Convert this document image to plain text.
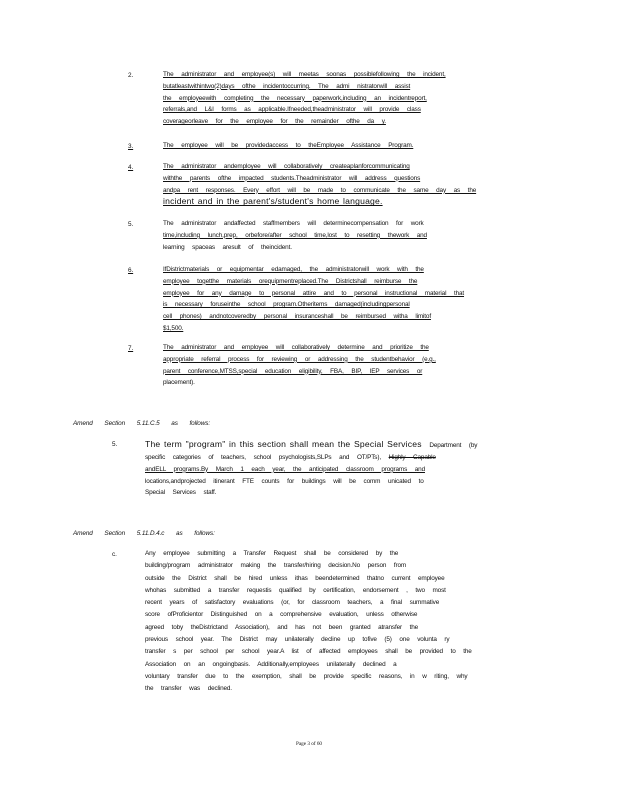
2.	The administrator and employee(s) will meetas soonas possiblefollowing the incident,
butatleastwithintwo(2)days ofthe incidentoccurring. The admi nistratorwill assist
the employeewith completing the necessary paperwork,including an incidentreport,
referrals,and L&I forms as applicable.Ifneeded,theadministrator will provide class
coverageorleave for the employee for the remainder ofthe da y.
3.	The employee will be providedaccess to theEmployee Assistance Program.
4.	The administrator andemployee will collaboratively createaplanforcommunicating
withthe parents ofthe impacted students.Theadministrator will address questions
andpa rent responses. Every effort will be made to communicate the same day as the
incident and in the parent's/student's home language.
5.	The administrator andaffected staffmembers will determinecompensation for work
time,including lunch,prep, orbefore/after school time,lost to resetting thework and
learning spaceas aresult of theincident.
6.	IfDistrictmaterials or equipmentar edamaged, the administratorwill work with the
employee togetthe materials orequipmentreplaced.The Districtshall reimburse the
employee for any damage to personal attire and to personal instructional material that
is necessary foruseinthe school program.Otheritems damaged(includingpersonal
cell phones) andnotcoveredby personal insuranceshall be reimbursed witha limitof
$1,500.
7.	The administrator and employee will collaboratively determine and prioritize the
appropriate referral process for reviewing or addressing the studentbehavior (e.g.,
parent conference,MTSS,special education eligibility, FBA, BIP, IEP services or
placement).
Amend Section 5.11.C.5 as follows:
5.	The term "program" in this section shall mean the Special Services Department (by
specific categories of teachers, school psychologists,SLPs and OT/PTs), Highly Capable
andELL programs.By March 1 each year, the anticipated classroom programs and
locations,andprojected itinerant FTE counts for buildings will be comm unicated to
Special Services staff.
Amend Section 5.11.D.4.c as follows:
c.	Any employee submitting a Transfer Request shall be considered by the
building/program administrator making the transfer/hiring decision.No person from
outside the District shall be hired unless ithas beendetermined thatno current employee
whohas submitted a transfer requestis qualified by certification, endorsement , two most
recent years of satisfactory evaluations (or, for classroom teachers, a final summative
score ofProficientor Distinguished on a comprehensive evaluation, unless otherwise
agreed toby theDistrictand Association), and has not been granted atransfer the
previous school year. The District may unilaterally decline up tofive (5) one volunta ry
transfer s per school per school year.A list of affected employees shall be provided to the
Association on an ongoingbasis. Additionally,employees unilaterally declined a
voluntary transfer due to the exemption, shall be provide specific reasons, in w riting, why
the transfer was declined.
Page 3 of 60
